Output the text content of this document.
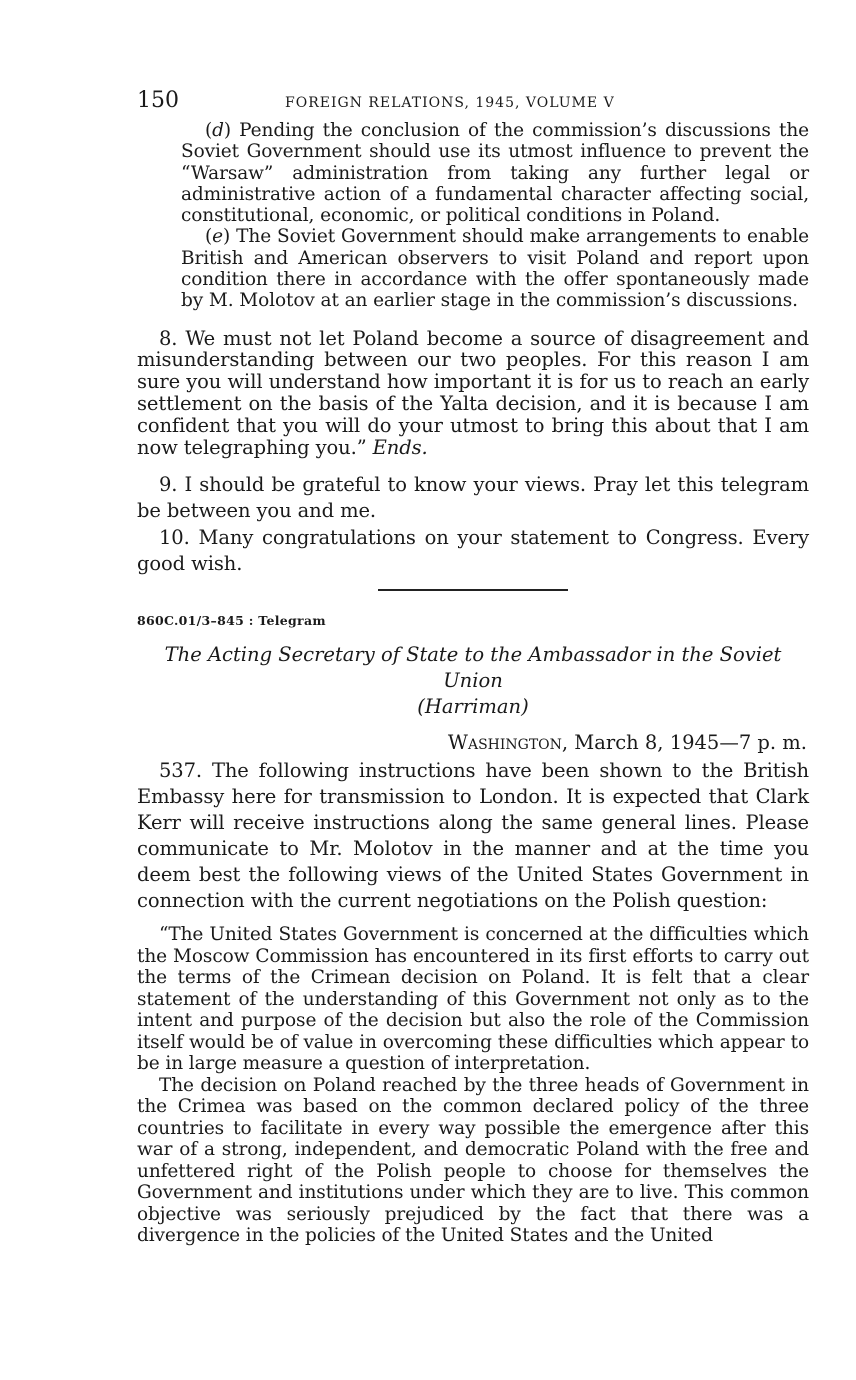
150	FOREIGN RELATIONS, 1945, VOLUME V

(d) Pending the conclusion of the commission’s discussions the Soviet Government should use its utmost influence to prevent the “Warsaw” administration from taking any further legal or administrative action of a fundamental character affecting social, constitutional, economic, or political conditions in Poland.

(e) The Soviet Government should make arrangements to enable British and American observers to visit Poland and report upon condition there in accordance with the offer spontaneously made by M. Molotov at an earlier stage in the commission’s discussions.

8. We must not let Poland become a source of disagreement and misunderstanding between our two peoples. For this reason I am sure you will understand how important it is for us to reach an early settlement on the basis of the Yalta decision, and it is because I am confident that you will do your utmost to bring this about that I am now telegraphing you.” Ends.

9. I should be grateful to know your views. Pray let this telegram be between you and me.

10. Many congratulations on your statement to Congress. Every good wish.

860C.01/3–845 : Telegram
The Acting Secretary of State to the Ambassador in the Soviet Union
(Harriman)
Washington, March 8, 1945—7 p. m.

537. The following instructions have been shown to the British Embassy here for transmission to London. It is expected that Clark Kerr will receive instructions along the same general lines. Please communicate to Mr. Molotov in the manner and at the time you deem best the following views of the United States Government in connection with the current negotiations on the Polish question:

“The United States Government is concerned at the difficulties which the Moscow Commission has encountered in its first efforts to carry out the terms of the Crimean decision on Poland. It is felt that a clear statement of the understanding of this Government not only as to the intent and purpose of the decision but also the role of the Commission itself would be of value in overcoming these difficulties which appear to be in large measure a question of interpretation.

The decision on Poland reached by the three heads of Government in the Crimea was based on the common declared policy of the three countries to facilitate in every way possible the emergence after this war of a strong, independent, and democratic Poland with the free and unfettered right of the Polish people to choose for themselves the Government and institutions under which they are to live. This common objective was seriously prejudiced by the fact that there was a divergence in the policies of the United States and the United
